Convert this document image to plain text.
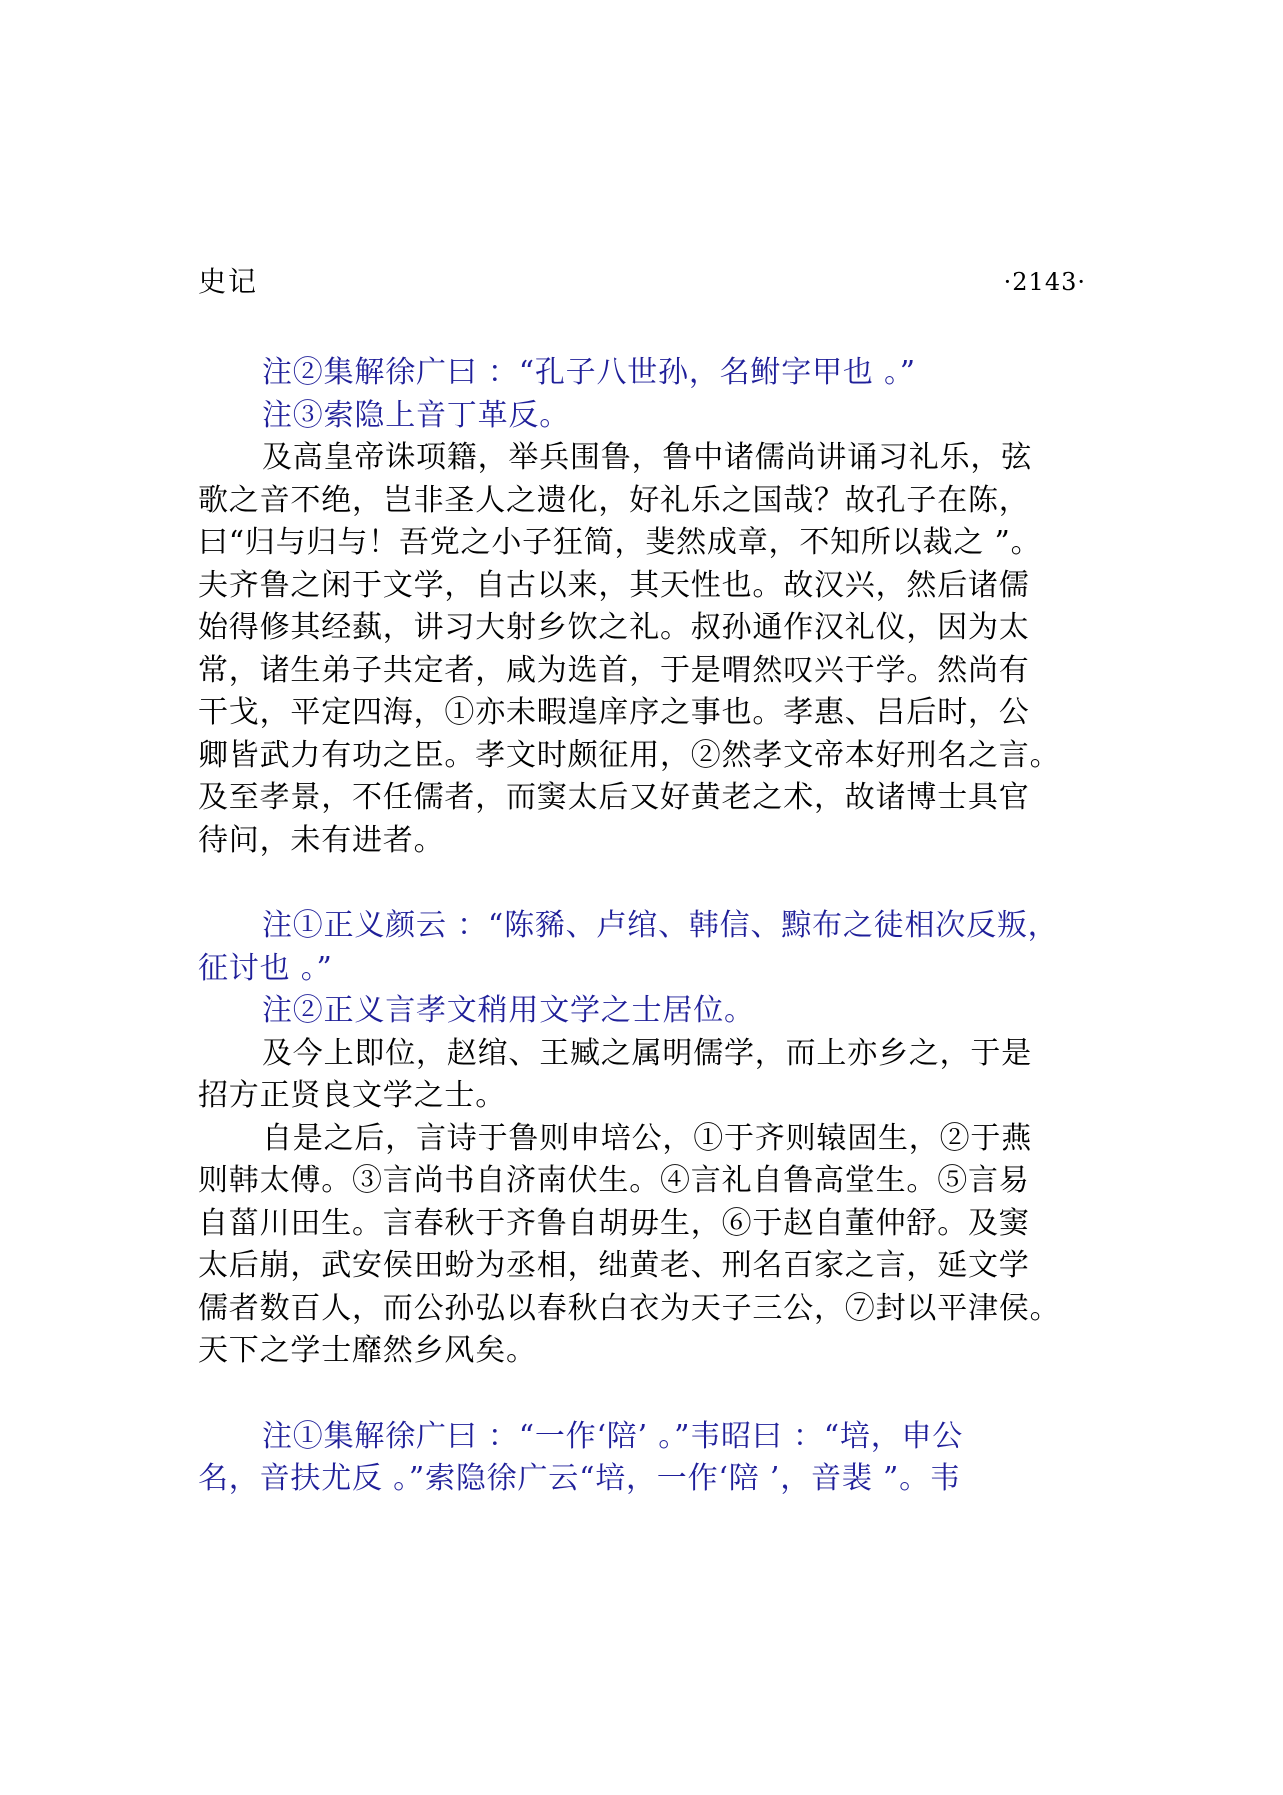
史记	·2143·
注②集解徐广曰 ：“孔子八世孙，名鲋字甲也 。”
注③索隐上音丁革反。
及高皇帝诛项籍，举兵围鲁，鲁中诸儒尚讲诵习礼乐，弦
歌之音不绝，岂非圣人之遗化，好礼乐之国哉？故孔子在陈，
曰“归与归与！吾党之小子狂简，斐然成章，不知所以裁之 ”。
夫齐鲁之闲于文学，自古以来，其天性也。故汉兴，然后诸儒
始得修其经蓺，讲习大射乡饮之礼。叔孙通作汉礼仪，因为太
常，诸生弟子共定者，咸为选首，于是喟然叹兴于学。然尚有
干戈，平定四海，①亦未暇遑庠序之事也。孝惠、吕后时，公
卿皆武力有功之臣。孝文时颇征用，②然孝文帝本好刑名之言。
及至孝景，不任儒者，而窦太后又好黄老之术，故诸博士具官
待问，未有进者。
注①正义颜云 ：“陈豨、卢绾、韩信、黥布之徒相次反叛，
征讨也 。”
注②正义言孝文稍用文学之士居位。
及今上即位，赵绾、王臧之属明儒学，而上亦乡之，于是
招方正贤良文学之士。
自是之后，言诗于鲁则申培公，①于齐则辕固生，②于燕
则韩太傅。③言尚书自济南伏生。④言礼自鲁高堂生。⑤言易
自菑川田生。言春秋于齐鲁自胡毋生，⑥于赵自董仲舒。及窦
太后崩，武安侯田蚡为丞相，绌黄老、刑名百家之言，延文学
儒者数百人，而公孙弘以春秋白衣为天子三公，⑦封以平津侯。
天下之学士靡然乡风矣。
注①集解徐广曰 ：“一作‘陪’ 。”韦昭曰 ：“培，申公
名，音扶尤反 。”索隐徐广云“培，一作‘陪 ’，音裴 ”。韦
